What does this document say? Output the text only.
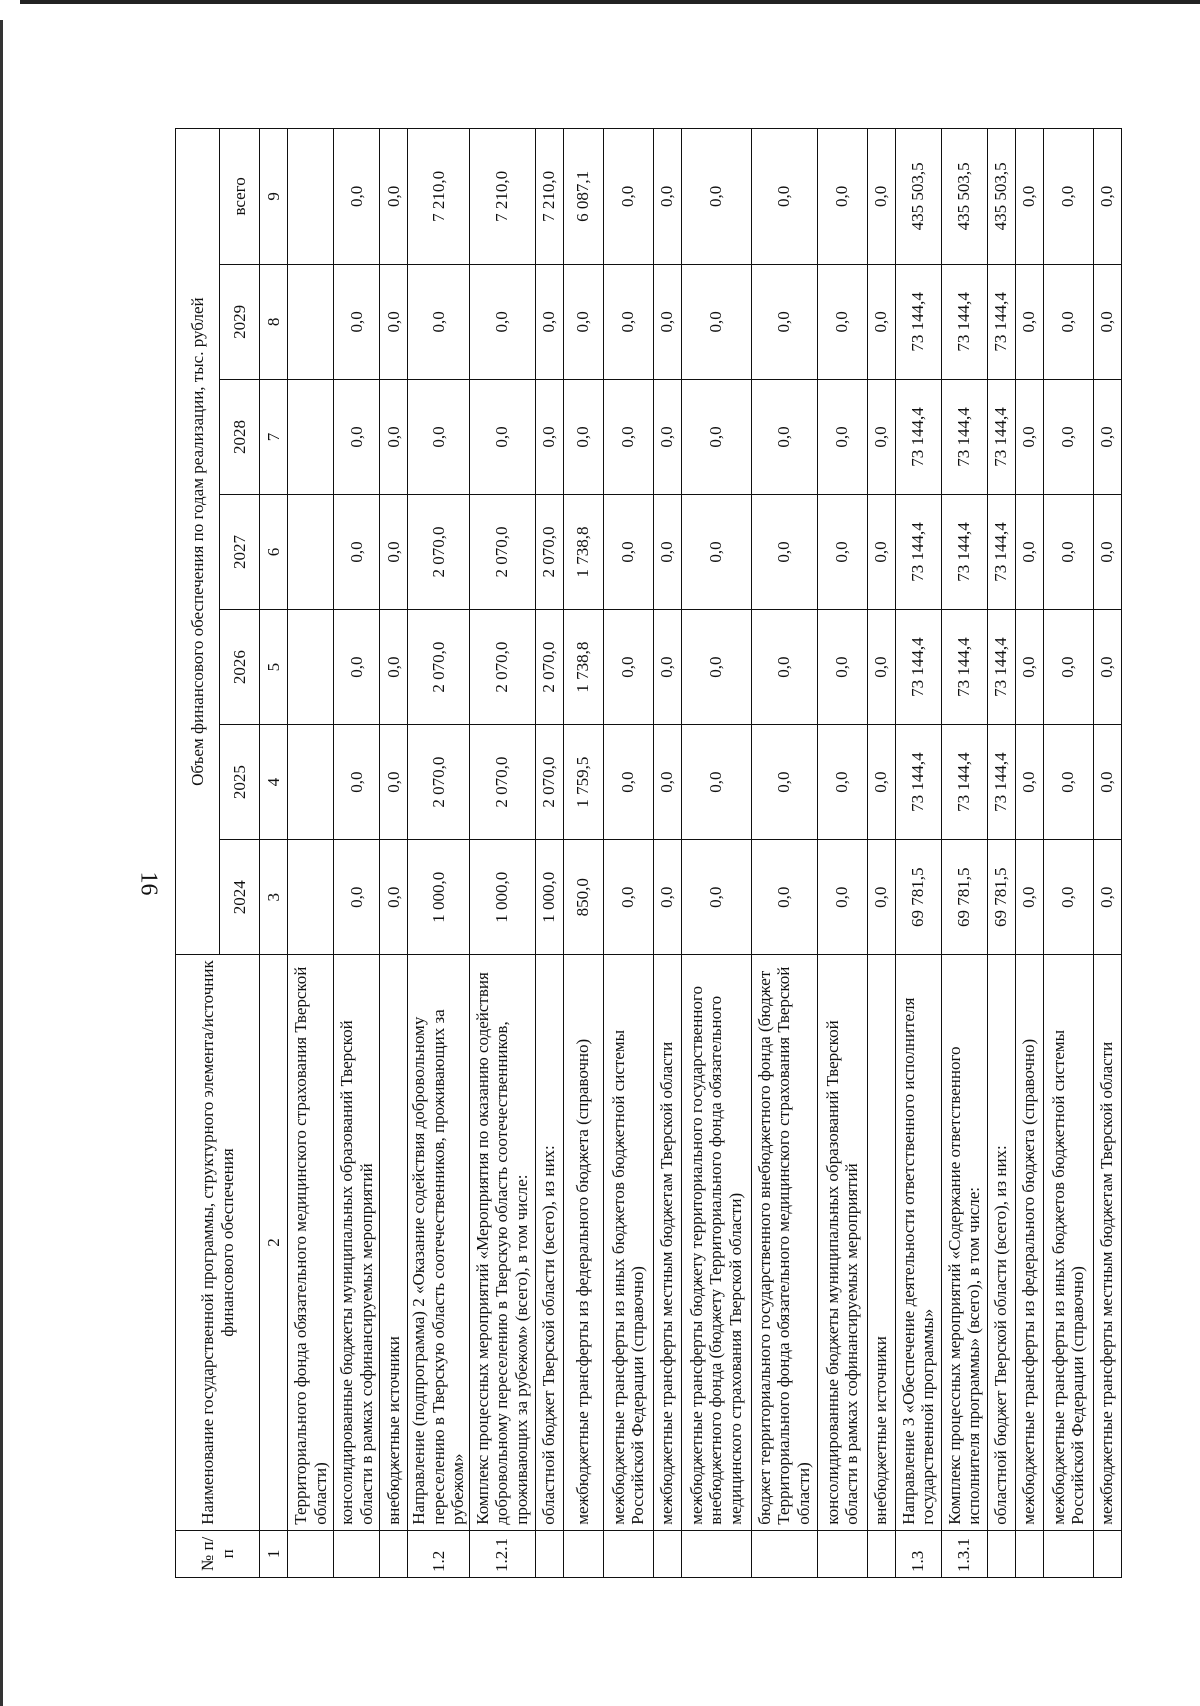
16
№ п/п	Наименование государственной программы, структурного элемента/источник финансового обеспечения	Объем финансового обеспечения по годам реализации, тыс. рублей						
		2024	2025	2026	2027	2028	2029	всего
1	2	3	4	5	6	7	8	9
	Территориального фонда обязательного медицинского страхования Тверской области)							
	консолидированные бюджеты муниципальных образований Тверской области в рамках софинансируемых мероприятий	0,0	0,0	0,0	0,0	0,0	0,0	0,0
	внебюджетные источники	0,0	0,0	0,0	0,0	0,0	0,0	0,0
1.2	Направление (подпрограмма) 2 «Оказание содействия добровольному переселению в Тверскую область соотечественников, проживающих за рубежом»	1 000,0	2 070,0	2 070,0	2 070,0	0,0	0,0	7 210,0
1.2.1	Комплекс процессных мероприятий «Мероприятия по оказанию содействия добровольному переселению в Тверскую область соотечественников, проживающих за рубежом» (всего), в том числе:	1 000,0	2 070,0	2 070,0	2 070,0	0,0	0,0	7 210,0
	областной бюджет Тверской области (всего), из них:	1 000,0	2 070,0	2 070,0	2 070,0	0,0	0,0	7 210,0
	межбюджетные трансферты из федерального бюджета (справочно)	850,0	1 759,5	1 738,8	1 738,8	0,0	0,0	6 087,1
	межбюджетные трансферты из иных бюджетов бюджетной системы Российской Федерации (справочно)	0,0	0,0	0,0	0,0	0,0	0,0	0,0
	межбюджетные трансферты местным бюджетам Тверской области	0,0	0,0	0,0	0,0	0,0	0,0	0,0
	межбюджетные трансферты бюджету территориального государственного внебюджетного фонда (бюджету Территориального фонда обязательного медицинского страхования Тверской области)	0,0	0,0	0,0	0,0	0,0	0,0	0,0
	бюджет территориального государственного внебюджетного фонда (бюджет Территориального фонда обязательного медицинского страхования Тверской области)	0,0	0,0	0,0	0,0	0,0	0,0	0,0
	консолидированные бюджеты муниципальных образований Тверской области в рамках софинансируемых мероприятий	0,0	0,0	0,0	0,0	0,0	0,0	0,0
	внебюджетные источники	0,0	0,0	0,0	0,0	0,0	0,0	0,0
1.3	Направление 3 «Обеспечение деятельности ответственного исполнителя государственной программы»	69 781,5	73 144,4	73 144,4	73 144,4	73 144,4	73 144,4	435 503,5
1.3.1	Комплекс процессных мероприятий «Содержание ответственного исполнителя программы» (всего), в том числе:	69 781,5	73 144,4	73 144,4	73 144,4	73 144,4	73 144,4	435 503,5
	областной бюджет Тверской области (всего), из них:	69 781,5	73 144,4	73 144,4	73 144,4	73 144,4	73 144,4	435 503,5
	межбюджетные трансферты из федерального бюджета (справочно)	0,0	0,0	0,0	0,0	0,0	0,0	0,0
	межбюджетные трансферты из иных бюджетов бюджетной системы Российской Федерации (справочно)	0,0	0,0	0,0	0,0	0,0	0,0	0,0
	межбюджетные трансферты местным бюджетам Тверской области	0,0	0,0	0,0	0,0	0,0	0,0	0,0
